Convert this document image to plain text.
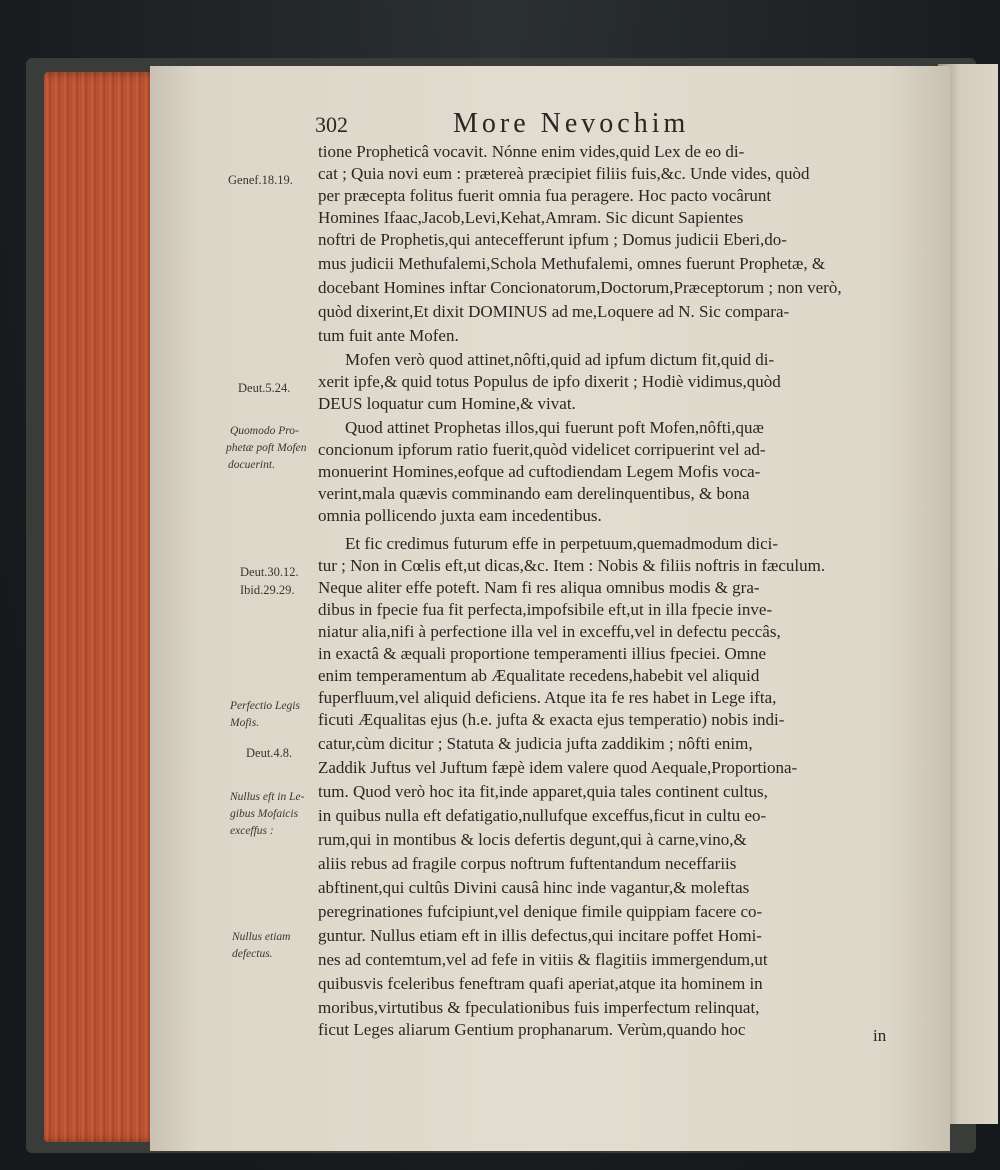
302	More Nevochim
tione Propheticâ vocavit. Nónne enim vides,quid Lex de eo di-
cat ; Quia novi eum : prætereà præcipiet filiis fuis,&c. Unde vides, quòd
per præcepta folitus fuerit omnia fua peragere. Hoc pacto vocârunt
Homines Ifaac,Jacob,Levi,Kehat,Amram. Sic dicunt Sapientes
noftri de Prophetis,qui antecefferunt ipfum ; Domus judicii Eberi,do-
mus judicii Methufalemi,Schola Methufalemi, omnes fuerunt Prophetæ, &
docebant Homines inftar Concionatorum,Doctorum,Præceptorum ; non verò,
quòd dixerint,Et dixit DOMINUS ad me,Loquere ad N. Sic compara-
tum fuit ante Mofen.
Mofen verò quod attinet,nôfti,quid ad ipfum dictum fit,quid di-
xerit ipfe,& quid totus Populus de ipfo dixerit ; Hodiè vidimus,quòd
DEUS loquatur cum Homine,& vivat.
Quod attinet Prophetas illos,qui fuerunt poft Mofen,nôfti,quæ
concionum ipforum ratio fuerit,quòd videlicet corripuerint vel ad-
monuerint Homines,eofque ad cuftodiendam Legem Mofis voca-
verint,mala quævis comminando eam derelinquentibus, & bona
omnia pollicendo juxta eam incedentibus.
Et fic credimus futurum effe in perpetuum,quemadmodum dici-
tur ; Non in Cœlis eft,ut dicas,&c. Item : Nobis & filiis noftris in fæculum.
Neque aliter effe poteft. Nam fi res aliqua omnibus modis & gra-
dibus in fpecie fua fit perfecta,impofsibile eft,ut in illa fpecie inve-
niatur alia,nifi à perfectione illa vel in exceffu,vel in defectu peccâs,
in exactâ & æquali proportione temperamenti illius fpeciei. Omne
enim temperamentum ab Æqualitate recedens,habebit vel aliquid
fuperfluum,vel aliquid deficiens. Atque ita fe res habet in Lege ifta,
ficuti Æqualitas ejus (h.e. jufta & exacta ejus temperatio) nobis indi-
catur,cùm dicitur ; Statuta & judicia jufta zaddikim ; nôfti enim,
Zaddik Juftus vel Juftum fæpè idem valere quod Aequale,Proportiona-
tum. Quod verò hoc ita fit,inde apparet,quia tales continent cultus,
in quibus nulla eft defatigatio,nullufque exceffus,ficut in cultu eo-
rum,qui in montibus & locis defertis degunt,qui à carne,vino,&
aliis rebus ad fragile corpus noftrum fuftentandum neceffariis
abftinent,qui cultûs Divini causâ hinc inde vagantur,& moleftas
peregrinationes fufcipiunt,vel denique fimile quippiam facere co-
guntur. Nullus etiam eft in illis defectus,qui incitare poffet Homi-
nes ad contemtum,vel ad fefe in vitiis & flagitiis immergendum,ut
quibusvis fceleribus feneftram quafi aperiat,atque ita hominem in
moribus,virtutibus & fpeculationibus fuis imperfectum relinquat,
ficut Leges aliarum Gentium prophanarum. Verùm,quando hoc
Genef.18.19.
Deut.5.24.
Deut.30.12.
Ibid.29.29.
Deut.4.8.
Quomodo Pro-
phetæ poft Mofen
docuerint.
Perfectio Legis
Mofis.
Nullus eft in Le-
gibus Mofaicis
exceffus :
Nullus etiam
defectus.
in
